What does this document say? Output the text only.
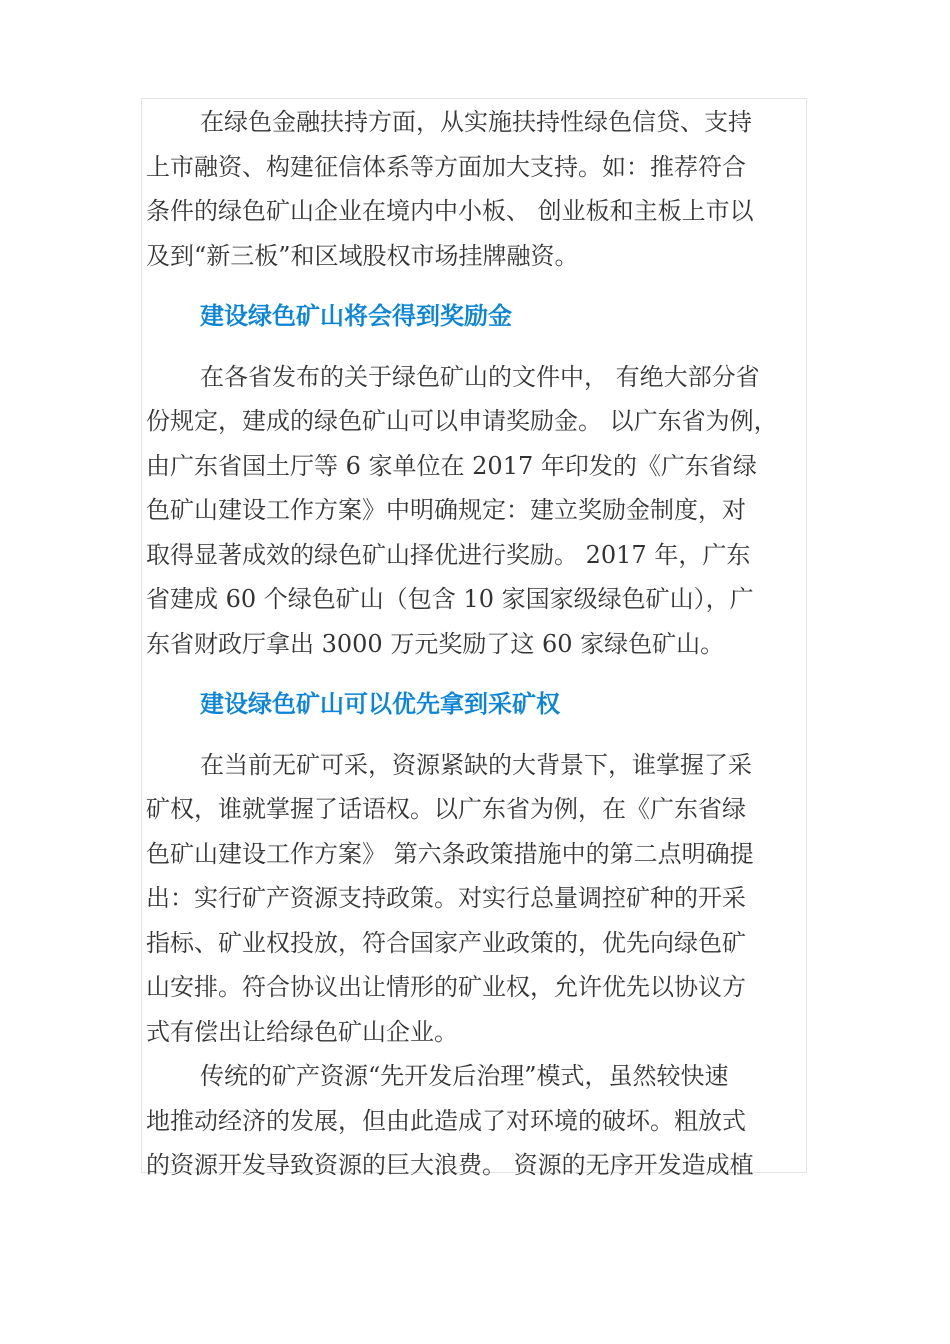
在绿色金融扶持方面，从实施扶持性绿色信贷、支持
上市融资、构建征信体系等方面加大支持。如：推荐符合
条件的绿色矿山企业在境内中小板、 创业板和主板上市以
及到“新三板”和区域股权市场挂牌融资。

建设绿色矿山将会得到奖励金

在各省发布的关于绿色矿山的文件中， 有绝大部分省
份规定，建成的绿色矿山可以申请奖励金。 以广东省为例，
由广东省国土厅等 6 家单位在 2017 年印发的《广东省绿
色矿山建设工作方案》中明确规定：建立奖励金制度，对
取得显著成效的绿色矿山择优进行奖励。 2017 年，广东
省建成 60 个绿色矿山（包含 10 家国家级绿色矿山），广
东省财政厅拿出 3000 万元奖励了这 60 家绿色矿山。

建设绿色矿山可以优先拿到采矿权

在当前无矿可采，资源紧缺的大背景下，谁掌握了采
矿权，谁就掌握了话语权。以广东省为例，在《广东省绿
色矿山建设工作方案》 第六条政策措施中的第二点明确提
出：实行矿产资源支持政策。对实行总量调控矿种的开采
指标、矿业权投放，符合国家产业政策的，优先向绿色矿
山安排。符合协议出让情形的矿业权，允许优先以协议方
式有偿出让给绿色矿山企业。

传统的矿产资源“先开发后治理”模式，虽然较快速
地推动经济的发展，但由此造成了对环境的破坏。粗放式
的资源开发导致资源的巨大浪费。 资源的无序开发造成植
